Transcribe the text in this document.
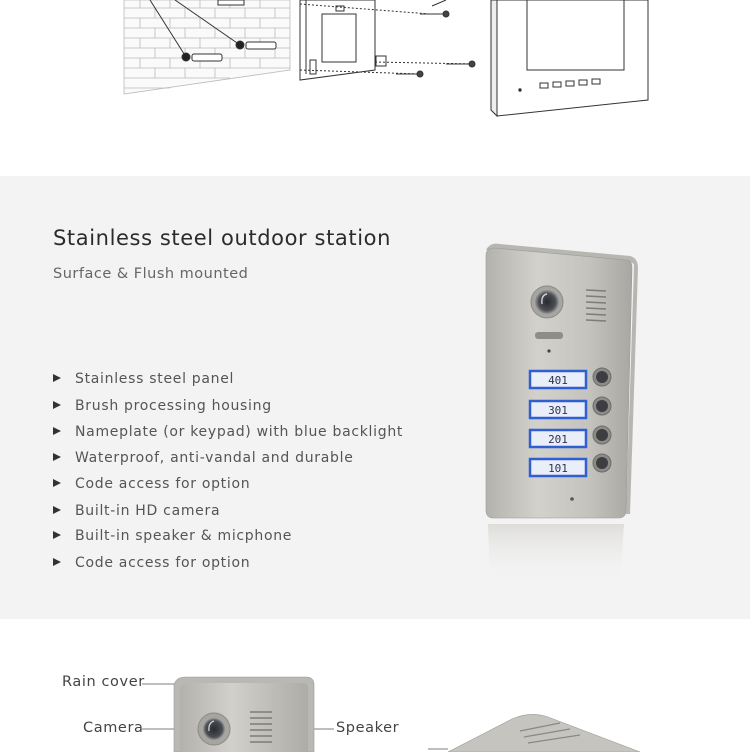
Stainless steel outdoor station
Surface & Flush mounted
Stainless steel panel
Brush processing housing
Nameplate (or keypad) with blue backlight
Waterproof, anti-vandal and durable
Code access for option
Built-in HD camera
Built-in speaker & micphone
Code access for option
401
301
201
101
Rain cover
Camera	Speaker
